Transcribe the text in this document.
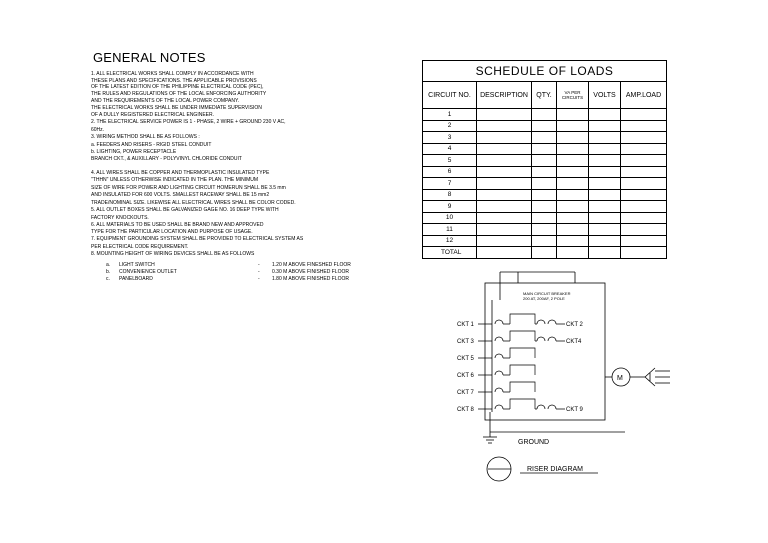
GENERAL NOTES
1. ALL ELECTRICAL WORKS SHALL COMPLY IN ACCORDANCE WITH
THESE PLANS AND SPECIFICATIONS. THE APPLICABLE PROVISIONS
OF THE LATEST EDITION OF THE PHILIPPINE ELECTRICAL CODE (PEC),
THE RULES AND REGULATIONS OF THE LOCAL ENFORCING AUTHORITY
AND THE REQUIREMENTS OF THE LOCAL POWER COMPANY.
THE ELECTRICAL WORKS SHALL BE UNDER IMMEDIATE SUPERVISION
OF A DULLY REGISTERED ELECTRICAL ENGINEER.
2. THE ELECTRICAL SERVICE POWER IS 1 - PHASE, 2 WIRE + GROUND 230 V AC,
60Hz.
3. WIRING METHOD SHALL BE AS FOLLOWS :
a. FEEDERS AND RISERS - RIGID STEEL CONDUIT
b. LIGHTING, POWER RECEPTACLE
BRANCH CKT., & AUXILLARY - POLYVINYL CHLORIDE CONDUIT
4. ALL WIRES SHALL BE COPPER AND THERMOPLASTIC INSULATED TYPE
"THHN" UNLESS OTHERWISE INDICATED IN THE PLAN. THE MINIMUM
SIZE OF WIRE FOR POWER AND LIGHTING CIRCUIT HOMERUN SHALL BE 3.5 mm
AND INSULATED FOR 600 VOLTS. SMALLEST RACEWAY SHALL BE 15 mm2
TRADE/NOMINAL SIZE. LIKEWISE ALL ELECTRICAL WIRES SHALL BE COLOR CODED.
5. ALL OUTLET BOXES SHALL BE GALVANIZED GAGE NO. 16 DEEP TYPE WITH
FACTORY KNOCKOUTS.
6. ALL MATERIALS TO BE USED SHALL BE BRAND NEW AND APPROVED
TYPE FOR THE PARTICULAR LOCATION AND PURPOSE OF USAGE.
7. EQUIPMENT GROUNDING SYSTEM SHALL BE PROVIDED TO ELECTRICAL SYSTEM AS
PER ELECTRICAL CODE REQUIREMENT.
8. MOUNTING HEIGHT OF WIRING DEVICES SHALL BE AS FOLLOWS
a. LIGHT SWITCH	- 1.20 M ABOVE FINESHED FLOOR
b. CONVENIENCE OUTLET	- 0.30 M ABOVE FINISHED FLOOR
c. PANELBOARD	- 1.80 M ABOVE FINISHED FLOOR
SCHEDULE OF LOADS					
CIRCUIT NO.	DESCRIPTION	QTY.	VA PER CIRCUITS	VOLTS	AMP.LOAD
1					
2					
3					
4					
5					
6					
7					
8					
9					
10					
11					
12					
TOTAL					
MAIN CIRCUIT BREAKER
200 AT, 200AF, 2 POLE
M
GROUND
RISER DIAGRAM
CKT 1
CKT 3
CKT 5
CKT 6
CKT 7
CKT 8
CKT 2
CKT4
CKT 9
